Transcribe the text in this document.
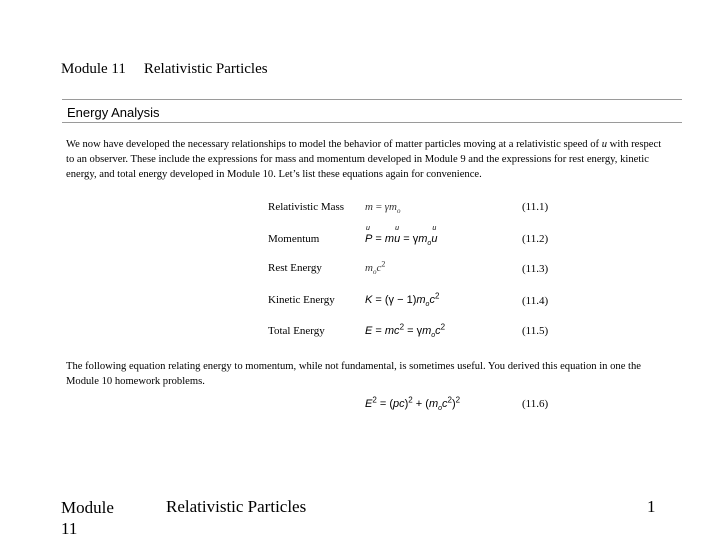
Module 11 Relativistic Particles
Energy Analysis
We now have developed the necessary relationships to model the behavior of matter particles moving at a relativistic speed of u with respect to an observer. These include the expressions for mass and momentum developed in Module 9 and the expressions for rest energy, kinetic energy, and total energy developed in Module 10. Let’s list these equations again for convenience.
Relativistic Mass $m = \gamma m_o$	(11.1)
Momentum
u	P = mu $u = \gamma m_ou$ u	(11.2)
Rest Energy	$m_oc^2$	(11.3)
Kinetic Energy	$K = (\gamma - 1)m_oc^2$	(11.4)
Total Energy	$E = mc^2 = \gamma m_oc^2$	(11.5)
The following equation relating energy to momentum, while not fundamental, is sometimes useful. You derived this equation in one the Module 10 homework problems.
$E^2 = (pc)^2 + (m_oc^2)^2$	(11.6)
Module 11
Relativistic Particles	1
